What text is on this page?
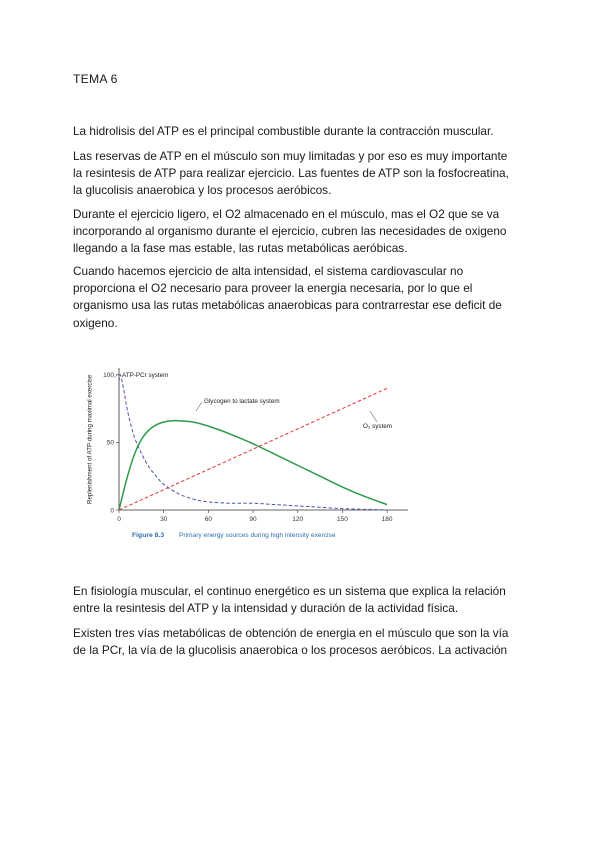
TEMA 6

La hidrolisis del ATP es el principal combustible durante la contracción muscular.

Las reservas de ATP en el músculo son muy limitadas y por eso es muy importante
la resintesis de ATP para realizar ejercicio. Las fuentes de ATP son la fosfocreatina,
la glucolisis anaerobica y los procesos aeróbicos.

Durante el ejercicio ligero, el O2 almacenado en el músculo, mas el O2 que se va
incorporando al organismo durante el ejercicio, cubren las necesidades de oxigeno
llegando a la fase mas estable, las rutas metabólicas aeróbicas.

Cuando hacemos ejercicio de alta intensidad, el sistema cardiovascular no
proporciona el O2 necesario para proveer la energia necesaria, por lo que el
organismo usa las rutas metabólicas anaerobicas para contrarrestar ese deficit de
oxigeno.

0	30	60	90	120	150	180
0
50
100
Replenishment of ATP during maximal exercise	ATP-PCr system
Glycogen to lactate system
O₂ system
Figure 8.3 Primary energy sources during high intensity exercise

En fisiología muscular, el continuo energético es un sistema que explica la relación
entre la resintesis del ATP y la intensidad y duración de la actividad física.

Existen tres vías metabólicas de obtención de energia en el músculo que son la vía
de la PCr, la vía de la glucolisis anaerobica o los procesos aeróbicos. La activación
